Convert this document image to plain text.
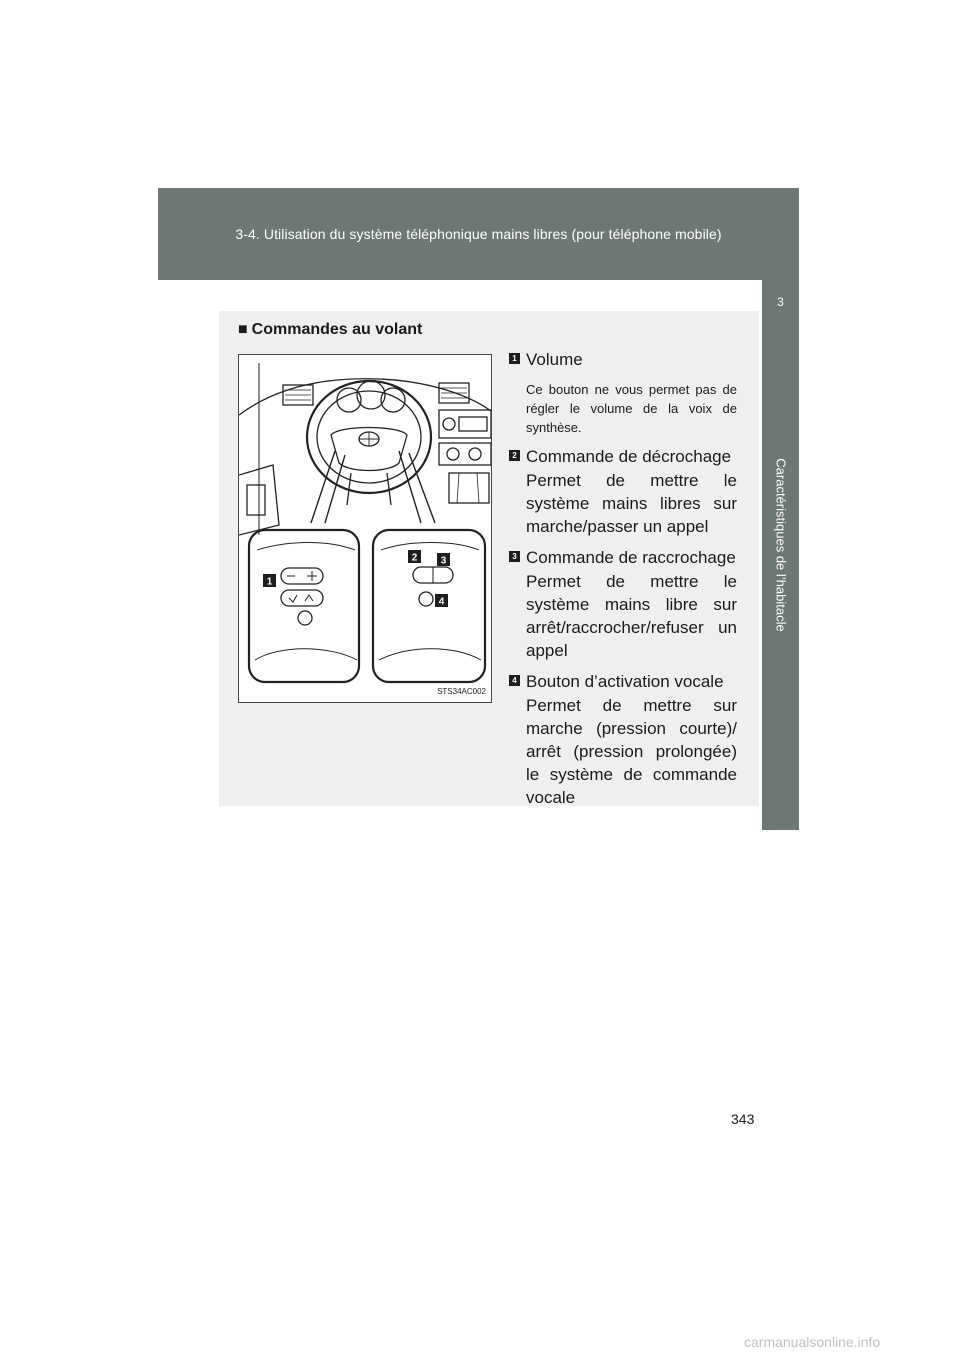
3-4. Utilisation du système téléphonique mains libres (pour téléphone mobile)
3
Caractéristiques de l’habitacle
■ Commandes au volant
1
2 3
4
STS34AC002
1 Volume
Ce bouton ne vous permet pas de régler le volume de la voix de synthèse.
2 Commande de décrochage
Permet de mettre le système mains libres sur marche/passer un appel
3 Commande de raccrochage
Permet de mettre le système mains libre sur arrêt/raccrocher/refuser un appel
4 Bouton d’activation vocale
Permet de mettre sur marche (pression courte)/ arrêt (pression prolongée) le système de commande vocale
343
carmanualsonline.info
